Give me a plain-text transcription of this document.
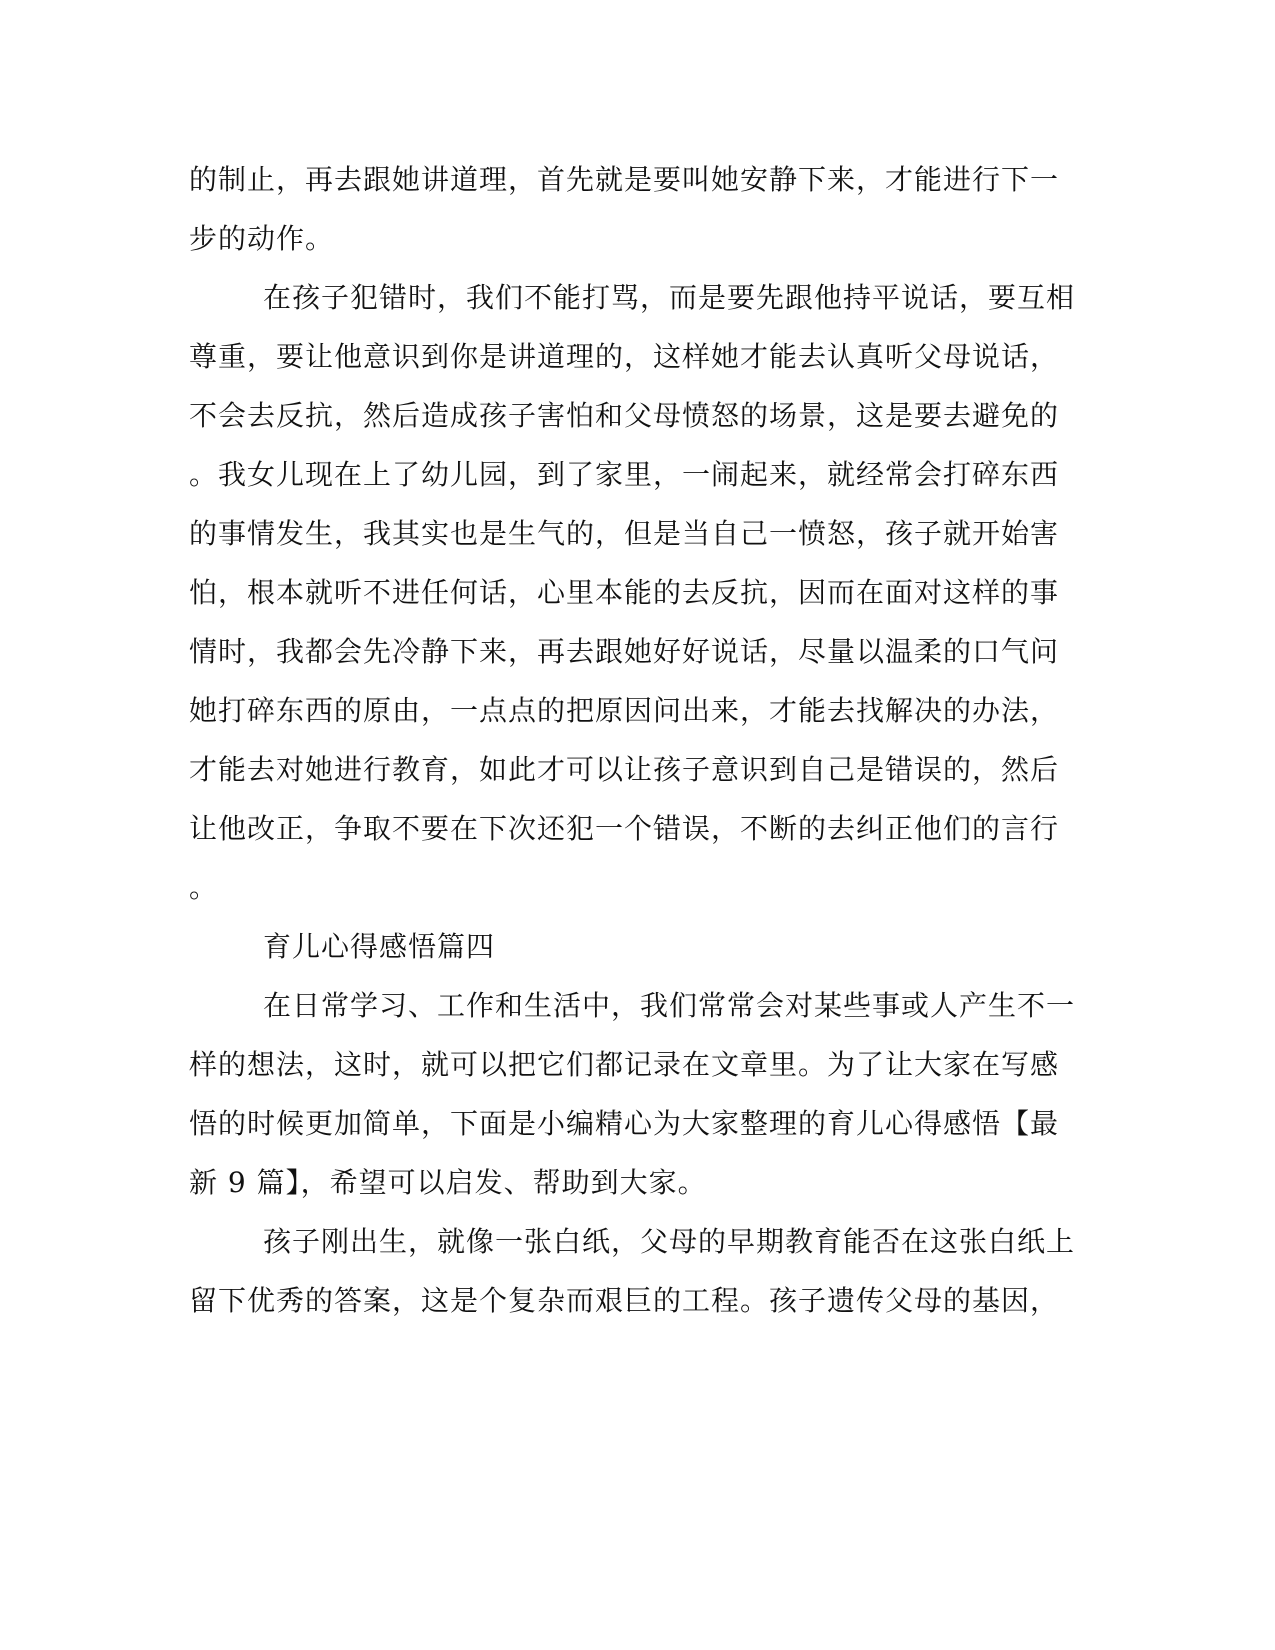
的制止，再去跟她讲道理，首先就是要叫她安静下来，才能进行下一
步的动作。
在孩子犯错时，我们不能打骂，而是要先跟他持平说话，要互相
尊重，要让他意识到你是讲道理的，这样她才能去认真听父母说话，
不会去反抗，然后造成孩子害怕和父母愤怒的场景，这是要去避免的
。我女儿现在上了幼儿园，到了家里，一闹起来，就经常会打碎东西
的事情发生，我其实也是生气的，但是当自己一愤怒，孩子就开始害
怕，根本就听不进任何话，心里本能的去反抗，因而在面对这样的事
情时，我都会先冷静下来，再去跟她好好说话，尽量以温柔的口气问
她打碎东西的原由，一点点的把原因问出来，才能去找解决的办法，
才能去对她进行教育，如此才可以让孩子意识到自己是错误的，然后
让他改正，争取不要在下次还犯一个错误，不断的去纠正他们的言行
。
育儿心得感悟篇四
在日常学习、工作和生活中，我们常常会对某些事或人产生不一
样的想法，这时，就可以把它们都记录在文章里。为了让大家在写感
悟的时候更加简单，下面是小编精心为大家整理的育儿心得感悟【最
新 9 篇】，希望可以启发、帮助到大家。
孩子刚出生，就像一张白纸，父母的早期教育能否在这张白纸上
留下优秀的答案，这是个复杂而艰巨的工程。孩子遗传父母的基因，
